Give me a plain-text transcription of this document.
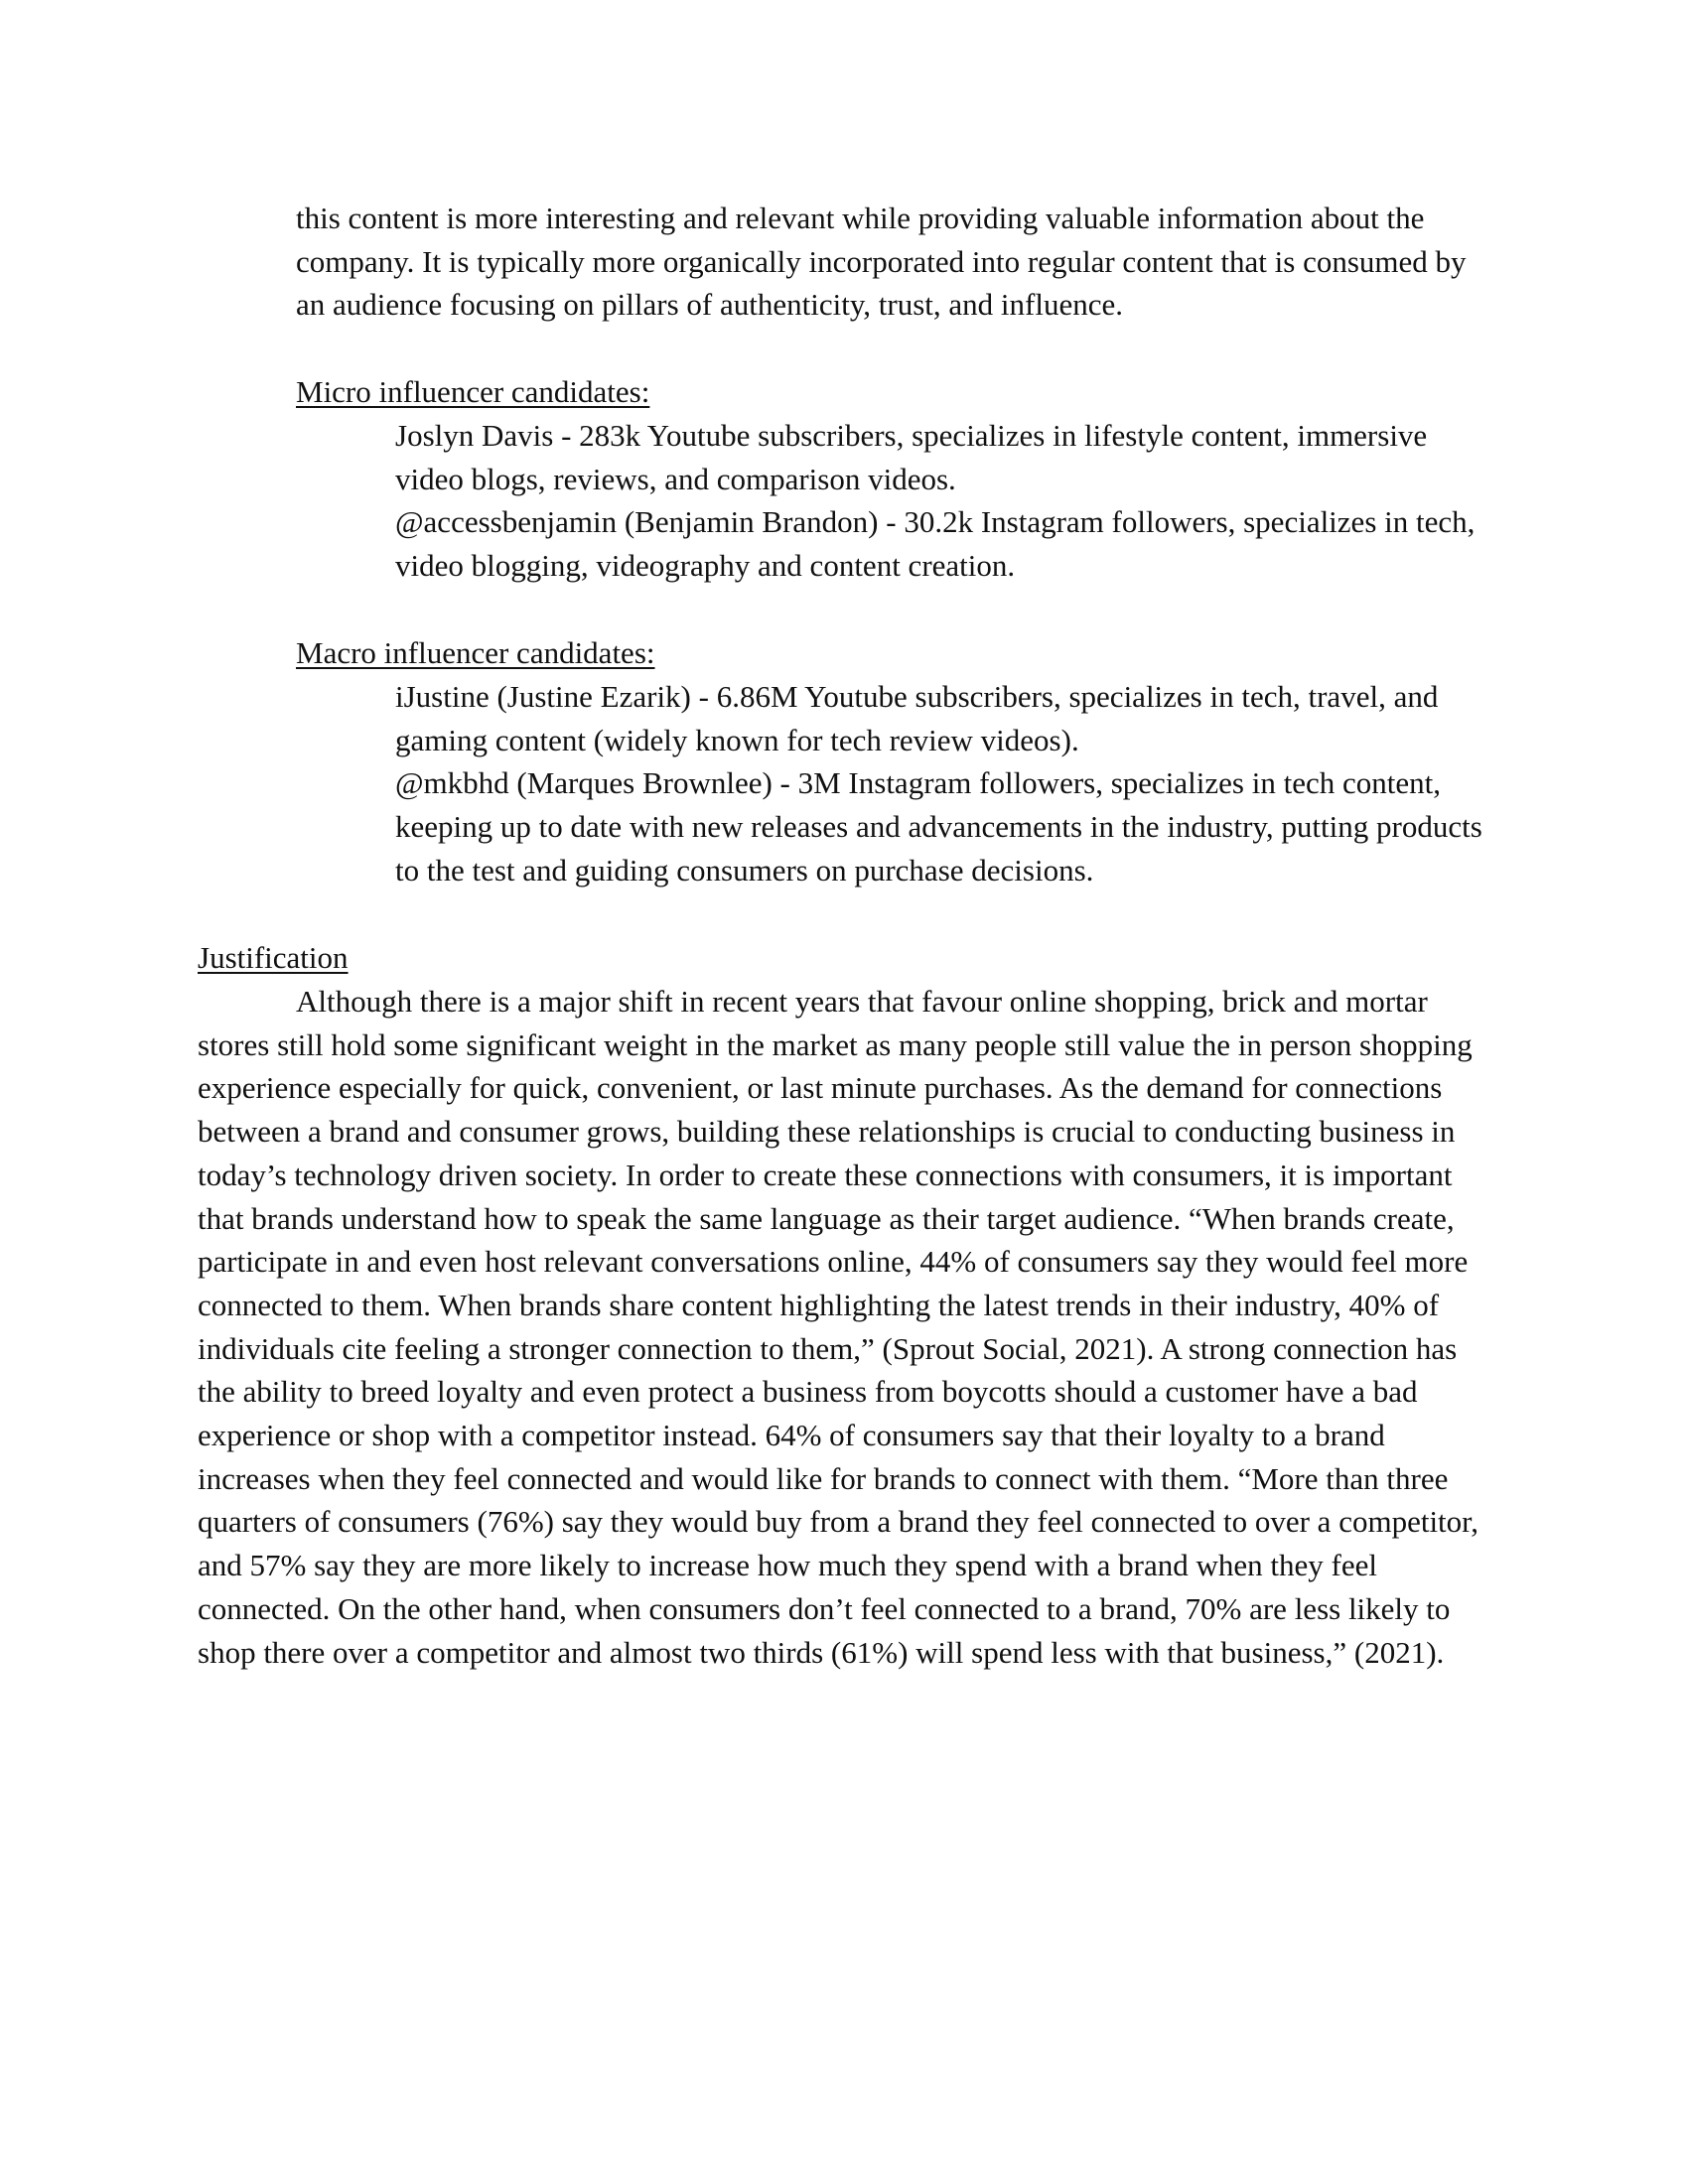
this content is more interesting and relevant while providing valuable information about the company. It is typically more organically incorporated into regular content that is consumed by an audience focusing on pillars of authenticity, trust, and influence.

Micro influencer candidates:

Joslyn Davis - 283k Youtube subscribers, specializes in lifestyle content, immersive video blogs, reviews, and comparison videos.

@accessbenjamin (Benjamin Brandon) - 30.2k Instagram followers, specializes in tech, video blogging, videography and content creation.

Macro influencer candidates:

iJustine (Justine Ezarik) - 6.86M Youtube subscribers, specializes in tech, travel, and gaming content (widely known for tech review videos).

@mkbhd (Marques Brownlee) - 3M Instagram followers, specializes in tech content, keeping up to date with new releases and advancements in the industry, putting products to the test and guiding consumers on purchase decisions.

Justification

Although there is a major shift in recent years that favour online shopping, brick and mortar stores still hold some significant weight in the market as many people still value the in person shopping experience especially for quick, convenient, or last minute purchases. As the demand for connections between a brand and consumer grows, building these relationships is crucial to conducting business in today’s technology driven society. In order to create these connections with consumers, it is important that brands understand how to speak the same language as their target audience. “When brands create, participate in and even host relevant conversations online, 44% of consumers say they would feel more connected to them. When brands share content highlighting the latest trends in their industry, 40% of individuals cite feeling a stronger connection to them,” (Sprout Social, 2021). A strong connection has the ability to breed loyalty and even protect a business from boycotts should a customer have a bad experience or shop with a competitor instead. 64% of consumers say that their loyalty to a brand increases when they feel connected and would like for brands to connect with them. “More than three quarters of consumers (76%) say they would buy from a brand they feel connected to over a competitor, and 57% say they are more likely to increase how much they spend with a brand when they feel connected. On the other hand, when consumers don’t feel connected to a brand, 70% are less likely to shop there over a competitor and almost two thirds (61%) will spend less with that business,” (2021).
